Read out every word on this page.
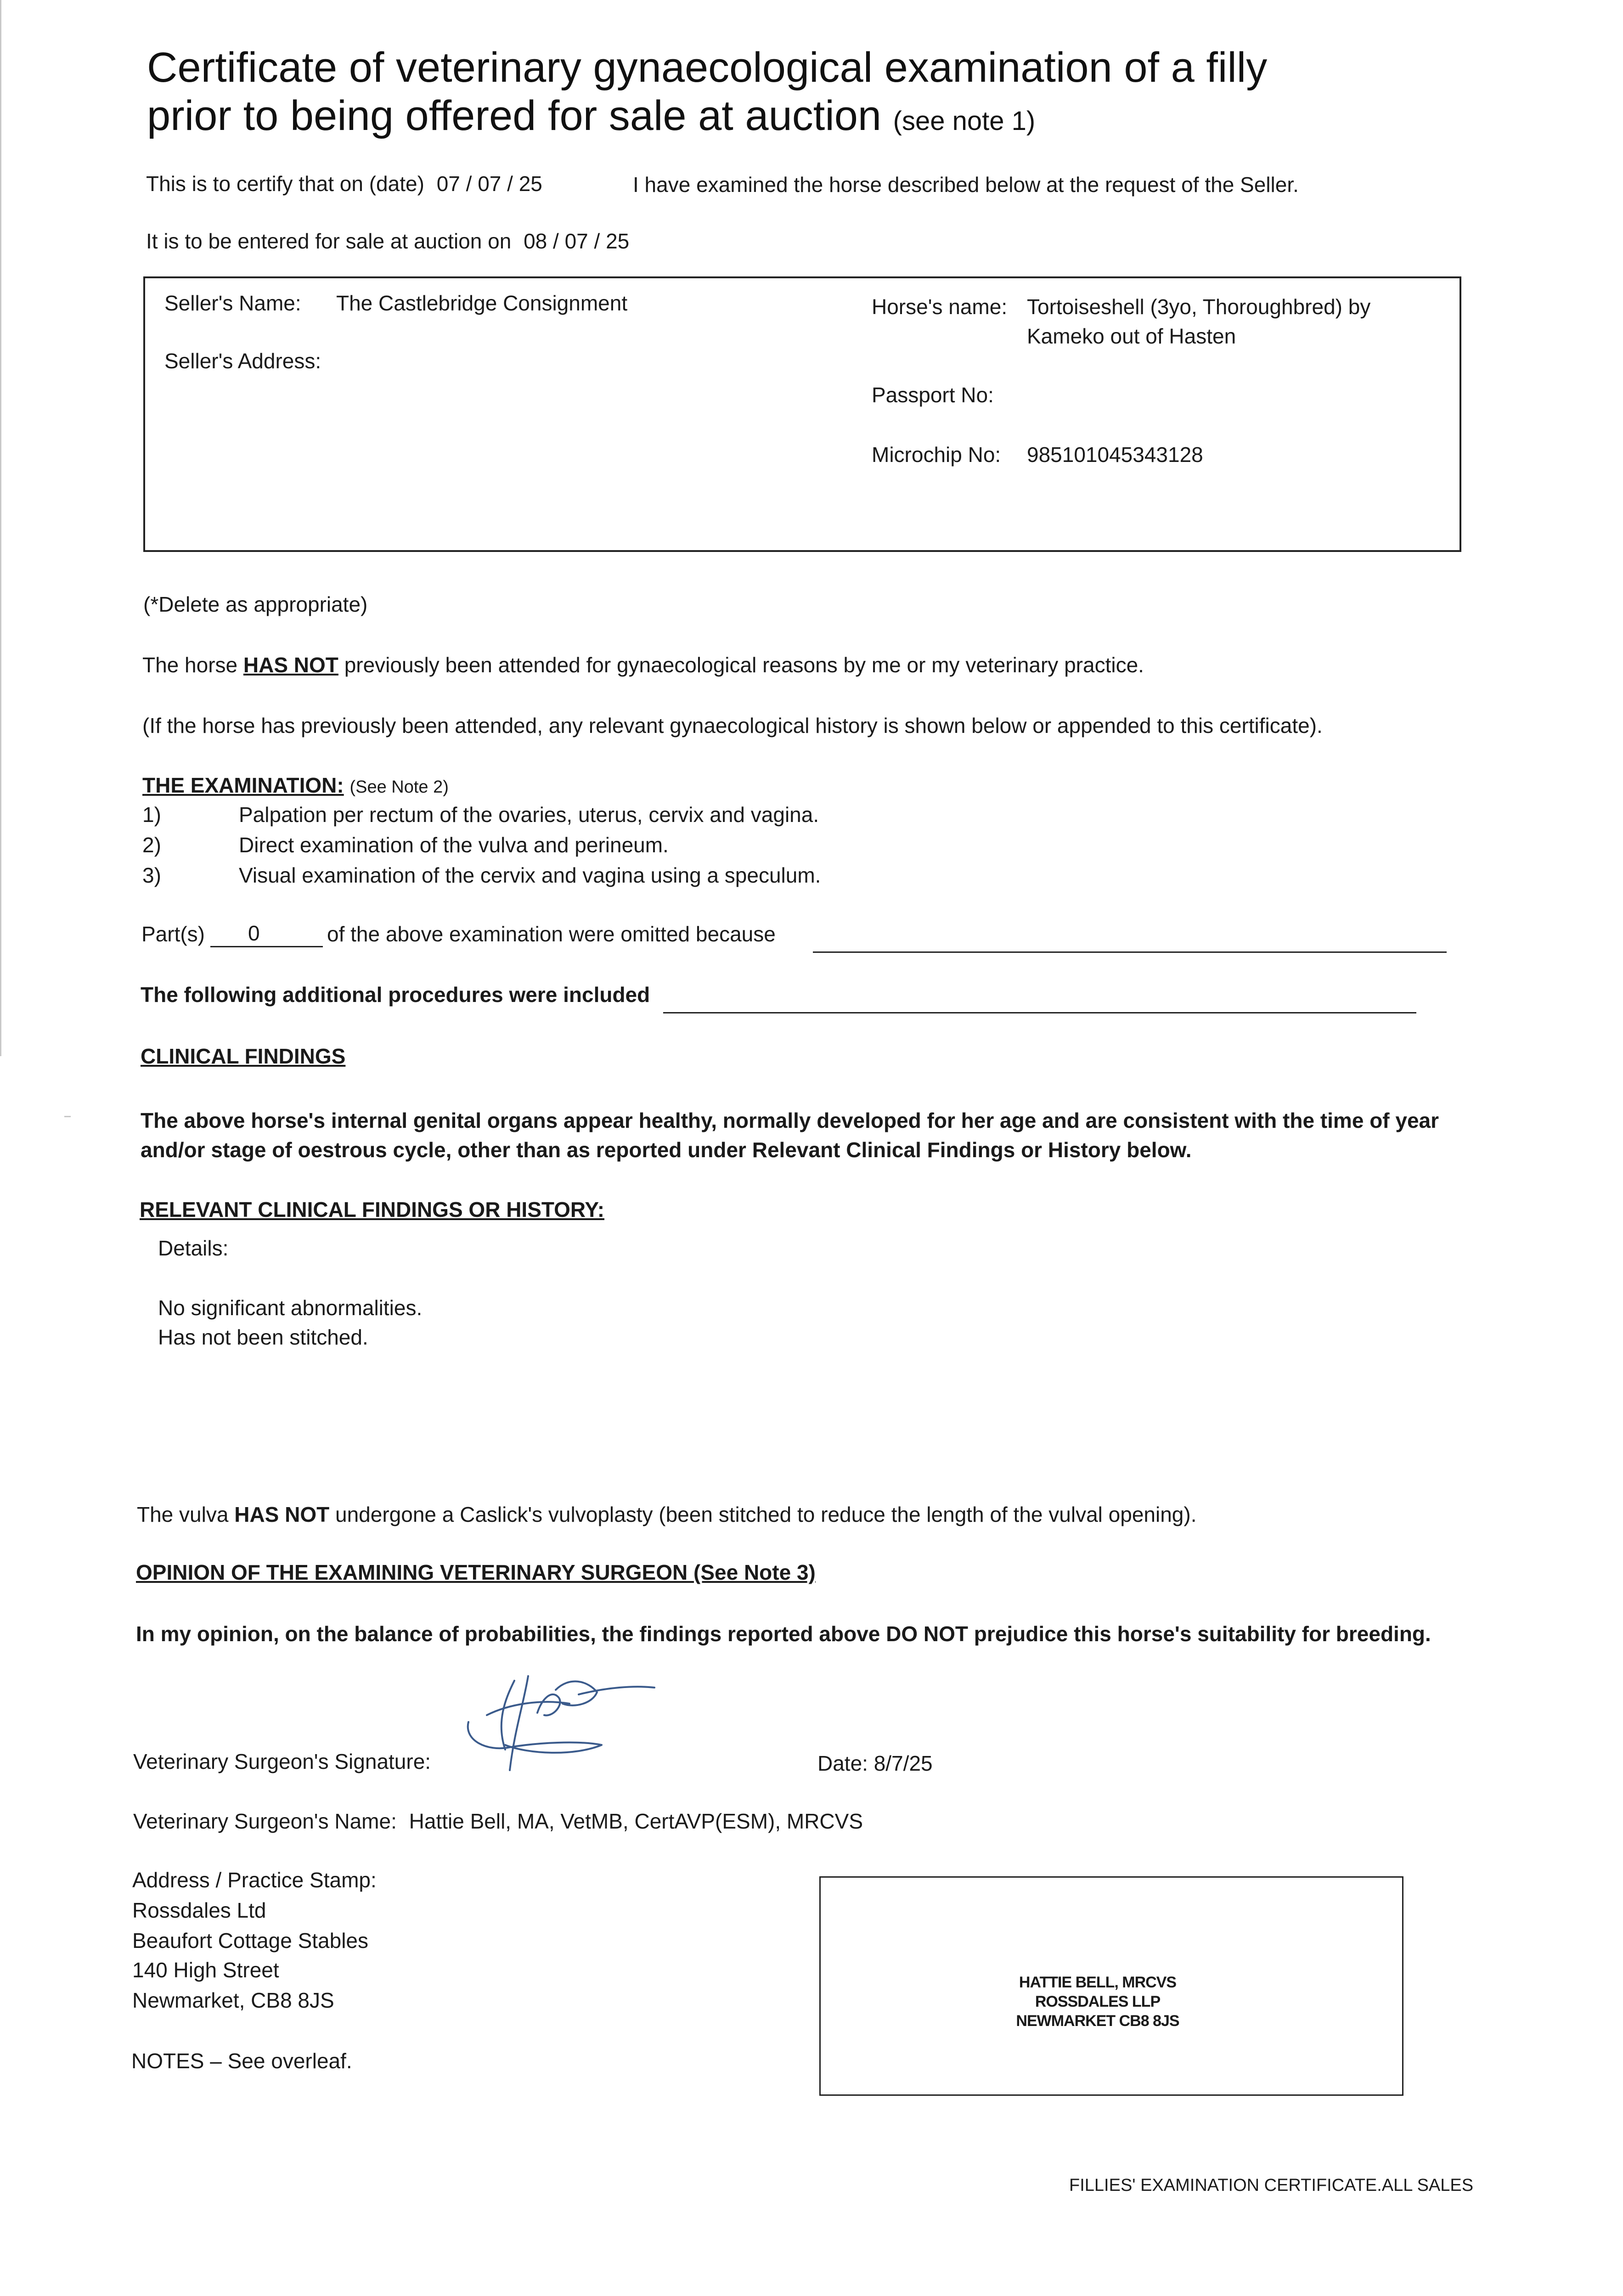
Certificate of veterinary gynaecological examination of a filly
prior to being offered for sale at auction (see note 1)
This is to certify that on (date) 07 / 07 / 25	I have examined the horse described below at the request of the Seller.
It is to be entered for sale at auction on 08 / 07 / 25
Seller's Name: The Castlebridge Consignment
Seller's Address:
Horse's name: Tortoiseshell (3yo, Thoroughbred) by
Kameko out of Hasten
Passport No:
Microchip No: 985101045343128
(*Delete as appropriate)
The horse HAS NOT previously been attended for gynaecological reasons by me or my veterinary practice.
(If the horse has previously been attended, any relevant gynaecological history is shown below or appended to this certificate).
THE EXAMINATION: (See Note 2)
1)	Palpation per rectum of the ovaries, uterus, cervix and vagina.
2)	Direct examination of the vulva and perineum.
3)	Visual examination of the cervix and vagina using a speculum.
Part(s) 0	of the above examination were omitted because
The following additional procedures were included
CLINICAL FINDINGS
The above horse's internal genital organs appear healthy, normally developed for her age and are consistent with the time of year
and/or stage of oestrous cycle, other than as reported under Relevant Clinical Findings or History below.
RELEVANT CLINICAL FINDINGS OR HISTORY:
Details:
No significant abnormalities.
Has not been stitched.
The vulva HAS NOT undergone a Caslick's vulvoplasty (been stitched to reduce the length of the vulval opening).
OPINION OF THE EXAMINING VETERINARY SURGEON (See Note 3)
In my opinion, on the balance of probabilities, the findings reported above DO NOT prejudice this horse's suitability for breeding.
Veterinary Surgeon's Signature:	Date: 8/7/25
Veterinary Surgeon's Name: Hattie Bell, MA, VetMB, CertAVP(ESM), MRCVS
Address / Practice Stamp:
Rossdales Ltd
Beaufort Cottage Stables
140 High Street
Newmarket, CB8 8JS
NOTES – See overleaf.
HATTIE BELL, MRCVS
ROSSDALES LLP
NEWMARKET CB8 8JS
FILLIES' EXAMINATION CERTIFICATE.ALL SALES
